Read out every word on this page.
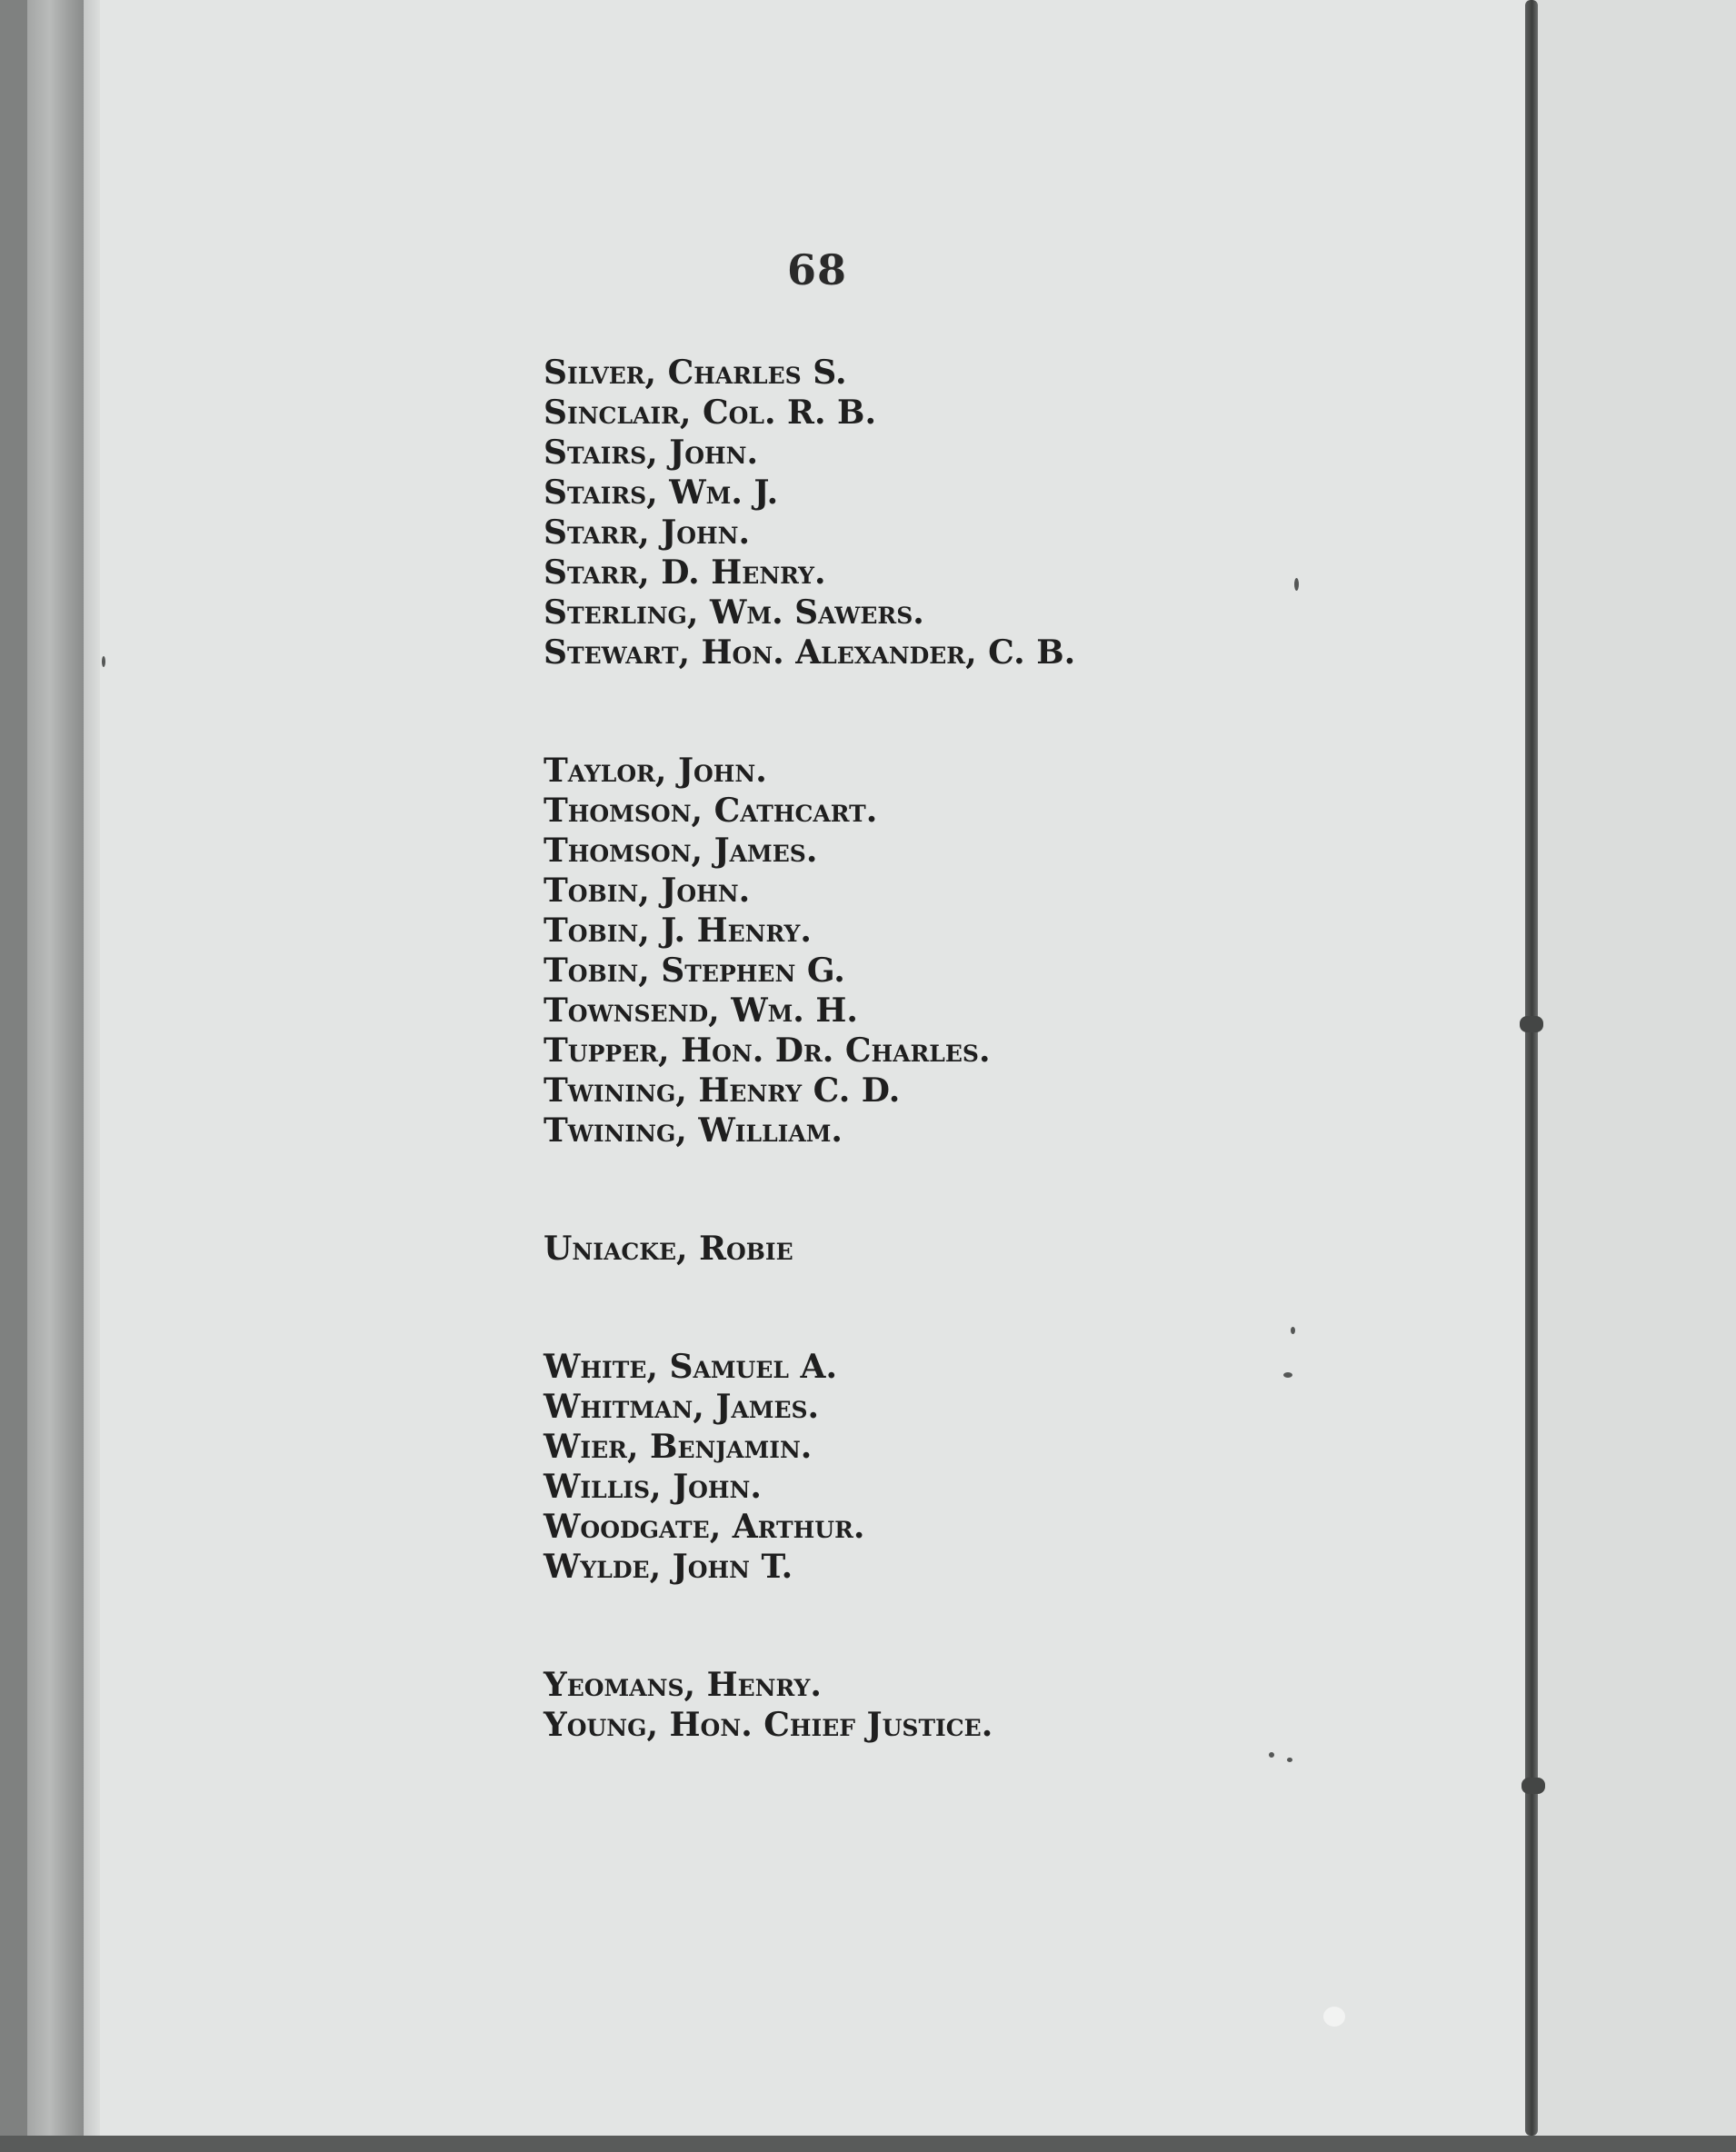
68
Silver, Charles S.
Sinclair, Col. R. B.
Stairs, John.
Stairs, Wm. J.
Starr, John.
Starr, D. Henry.
Sterling, Wm. Sawers.
Stewart, Hon. Alexander, C. B.
Taylor, John.
Thomson, Cathcart.
Thomson, James.
Tobin, John.
Tobin, J. Henry.
Tobin, Stephen G.
Townsend, Wm. H.
Tupper, Hon. Dr. Charles.
Twining, Henry C. D.
Twining, William.
Uniacke, Robie
White, Samuel A.
Whitman, James.
Wier, Benjamin.
Willis, John.
Woodgate, Arthur.
Wylde, John T.
Yeomans, Henry.
Young, Hon. Chief Justice.
